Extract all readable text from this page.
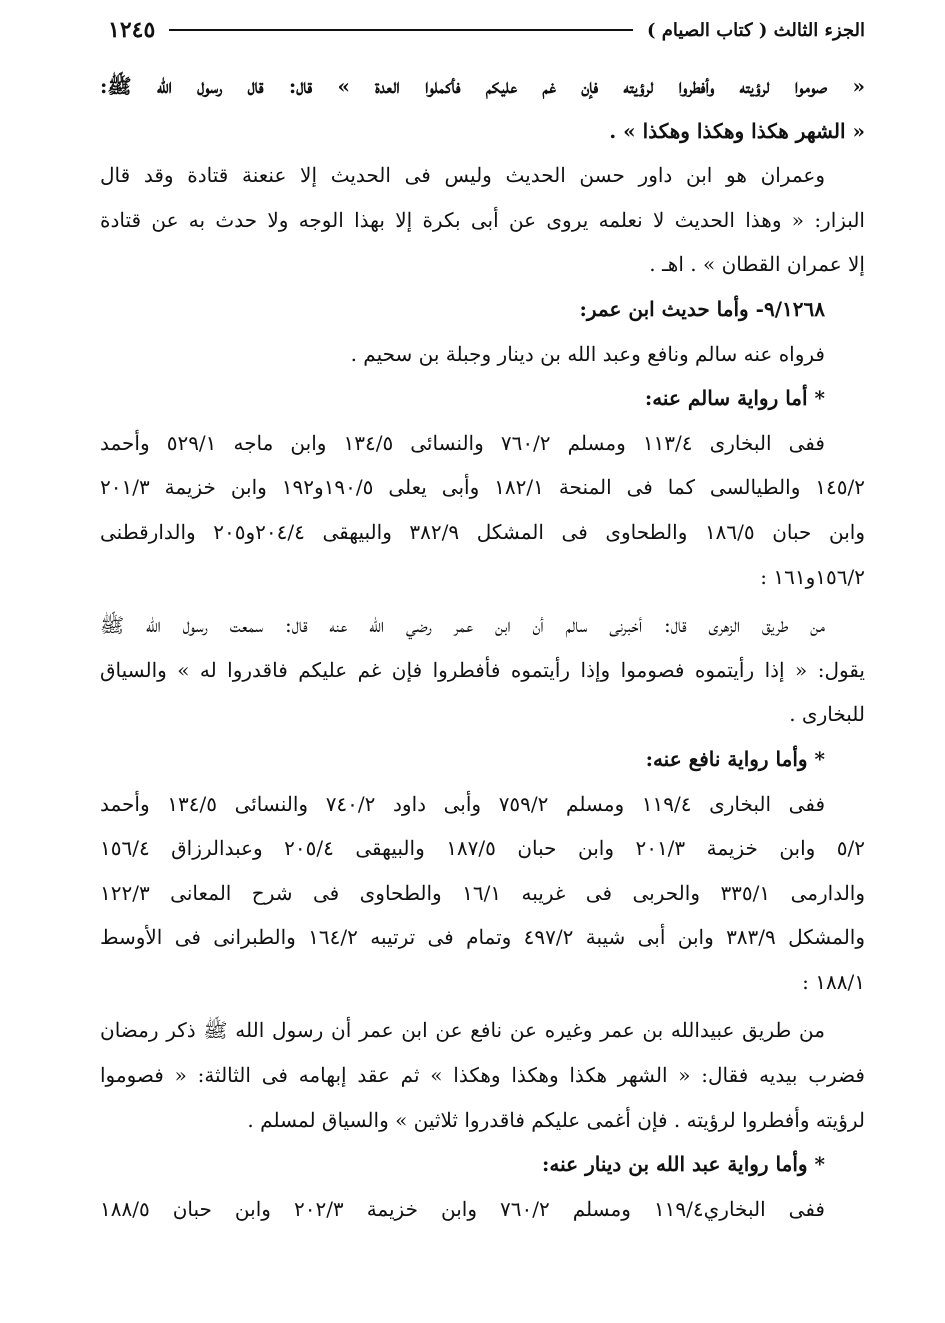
الجزء الثالث ( كتاب الصيام )
١٢٤٥
« صوموا لرؤيته وأفطروا لرؤيته فإن غم عليكم فأكملوا العدة » قال: قال رسول الله ﷺ:
« الشهر هكذا وهكذا وهكذا » .
وعمران هو ابن داور حسن الحديث وليس فى الحديث إلا عنعنة قتادة وقد قال
البزار: « وهذا الحديث لا نعلمه يروى عن أبى بكرة إلا بهذا الوجه ولا حدث به عن قتادة
إلا عمران القطان » . اهـ .
٩/١٢٦٨- وأما حديث ابن عمر:
فرواه عنه سالم ونافع وعبد الله بن دينار وجبلة بن سحيم .
* أما رواية سالم عنه:
ففى البخارى ١١٣/٤ ومسلم ٧٦٠/٢ والنسائى ١٣٤/٥ وابن ماجه ٥٢٩/١ وأحمد
١٤٥/٢ والطيالسى كما فى المنحة ١٨٢/١ وأبى يعلى ١٩٠/٥و١٩٢ وابن خزيمة ٢٠١/٣
وابن حبان ١٨٦/٥ والطحاوى فى المشكل ٣٨٢/٩ والبيهقى ٢٠٤/٤و٢٠٥ والدارقطنى
١٥٦/٢و١٦١ :
من طريق الزهرى قال: أخبرنى سالم أن ابن عمر رضي الله عنه قال: سمعت رسول الله ﷺ
يقول: « إذا رأيتموه فصوموا وإذا رأيتموه فأفطروا فإن غم عليكم فاقدروا له » والسياق
للبخارى .
* وأما رواية نافع عنه:
ففى البخارى ١١٩/٤ ومسلم ٧٥٩/٢ وأبى داود ٧٤٠/٢ والنسائى ١٣٤/٥ وأحمد
٥/٢ وابن خزيمة ٢٠١/٣ وابن حبان ١٨٧/٥ والبيهقى ٢٠٥/٤ وعبدالرزاق ١٥٦/٤
والدارمى ٣٣٥/١ والحربى فى غريبه ١٦/١ والطحاوى فى شرح المعانى ١٢٢/٣
والمشكل ٣٨٣/٩ وابن أبى شيبة ٤٩٧/٢ وتمام فى ترتيبه ١٦٤/٢ والطبرانى فى الأوسط
١٨٨/١ :
من طريق عبيدالله بن عمر وغيره عن نافع عن ابن عمر أن رسول الله ﷺ ذكر رمضان
فضرب بيديه فقال: « الشهر هكذا وهكذا وهكذا » ثم عقد إبهامه فى الثالثة: « فصوموا
لرؤيته وأفطروا لرؤيته . فإن أغمى عليكم فاقدروا ثلاثين » والسياق لمسلم .
* وأما رواية عبد الله بن دينار عنه:
ففى البخاري١١٩/٤ ومسلم ٧٦٠/٢ وابن خزيمة ٢٠٢/٣ وابن حبان ١٨٨/٥
